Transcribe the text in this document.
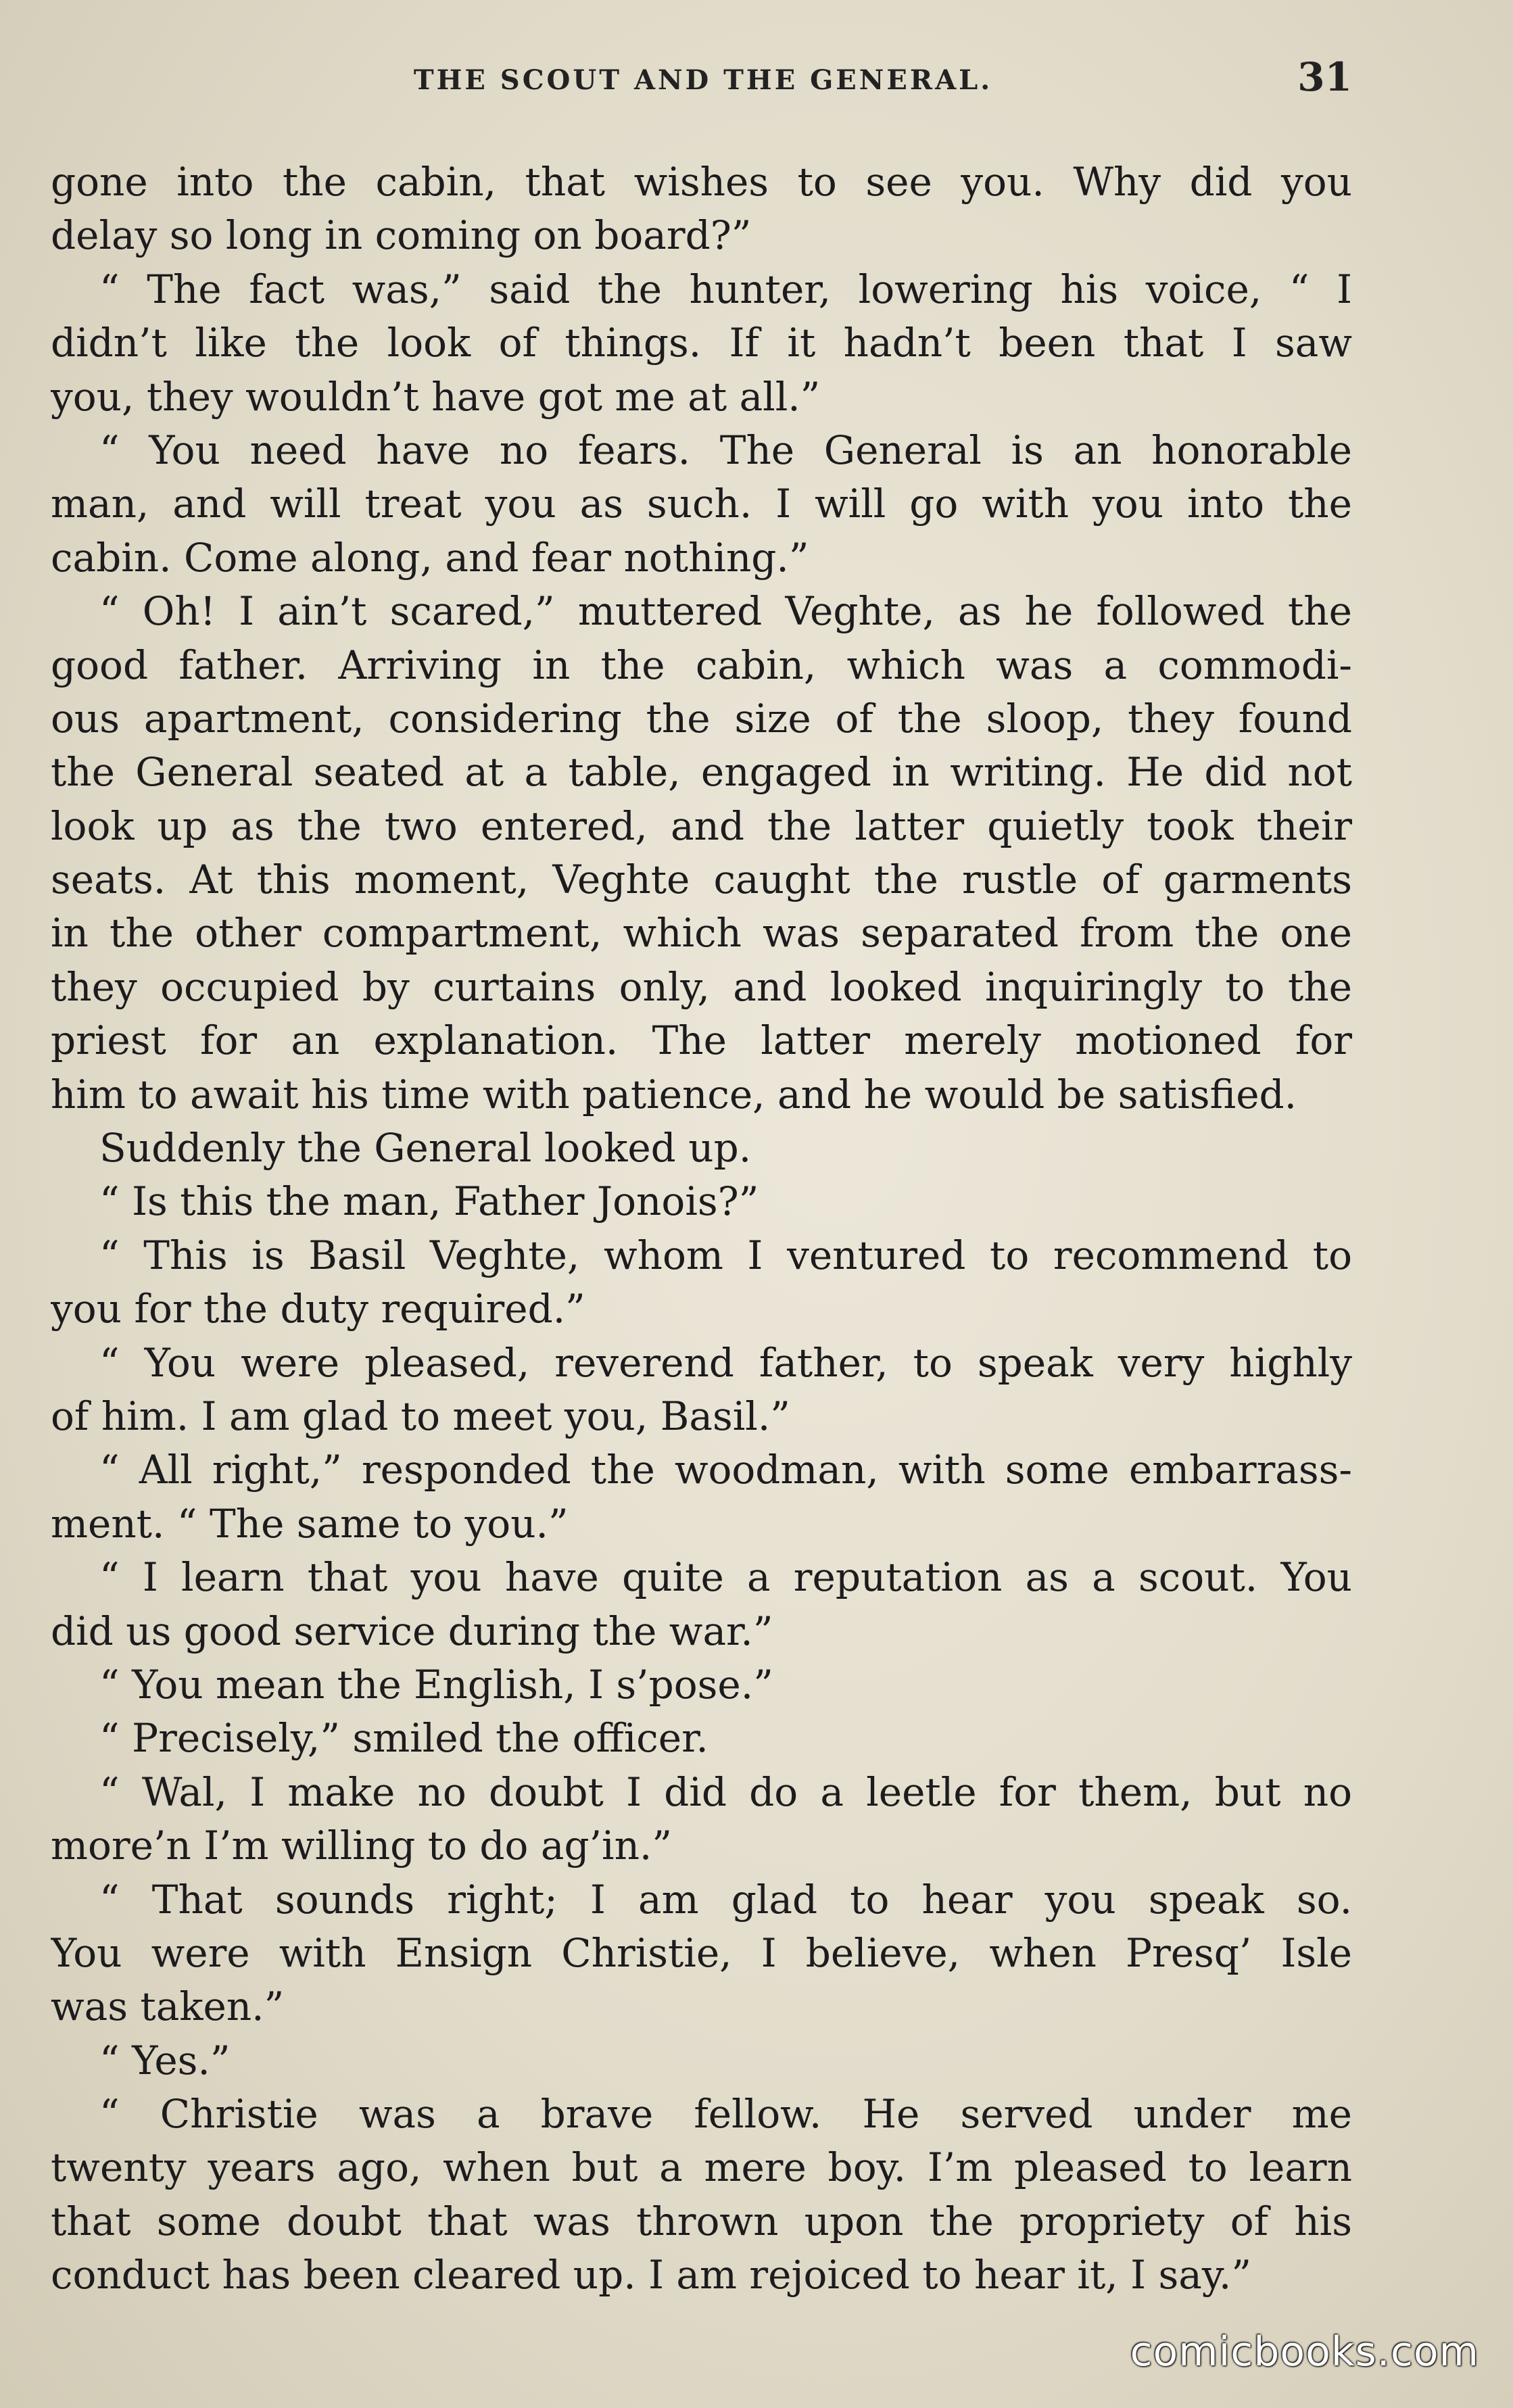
THE SCOUT AND THE GENERAL.	31
gone into the cabin, that wishes to see you. Why did you
delay so long in coming on board?”
“ The fact was,” said the hunter, lowering his voice, “ I
didn’t like the look of things. If it hadn’t been that I saw
you, they wouldn’t have got me at all.”
“ You need have no fears. The General is an honorable
man, and will treat you as such. I will go with you into the
cabin. Come along, and fear nothing.”
“ Oh! I ain’t scared,” muttered Veghte, as he followed the
good father. Arriving in the cabin, which was a commodi-
ous apartment, considering the size of the sloop, they found
the General seated at a table, engaged in writing. He did not
look up as the two entered, and the latter quietly took their
seats. At this moment, Veghte caught the rustle of garments
in the other compartment, which was separated from the one
they occupied by curtains only, and looked inquiringly to the
priest for an explanation. The latter merely motioned for
him to await his time with patience, and he would be satisfied.
Suddenly the General looked up.
“ Is this the man, Father Jonois?”
“ This is Basil Veghte, whom I ventured to recommend to
you for the duty required.”
“ You were pleased, reverend father, to speak very highly
of him. I am glad to meet you, Basil.”
“ All right,” responded the woodman, with some embarrass-
ment. “ The same to you.”
“ I learn that you have quite a reputation as a scout. You
did us good service during the war.”
“ You mean the English, I s’pose.”
“ Precisely,” smiled the officer.
“ Wal, I make no doubt I did do a leetle for them, but no
more’n I’m willing to do ag’in.”
“ That sounds right; I am glad to hear you speak so.
You were with Ensign Christie, I believe, when Presq’ Isle
was taken.”
“ Yes.”
“ Christie was a brave fellow. He served under me
twenty years ago, when but a mere boy. I’m pleased to learn
that some doubt that was thrown upon the propriety of his
conduct has been cleared up. I am rejoiced to hear it, I say.”
comicbooks.com
